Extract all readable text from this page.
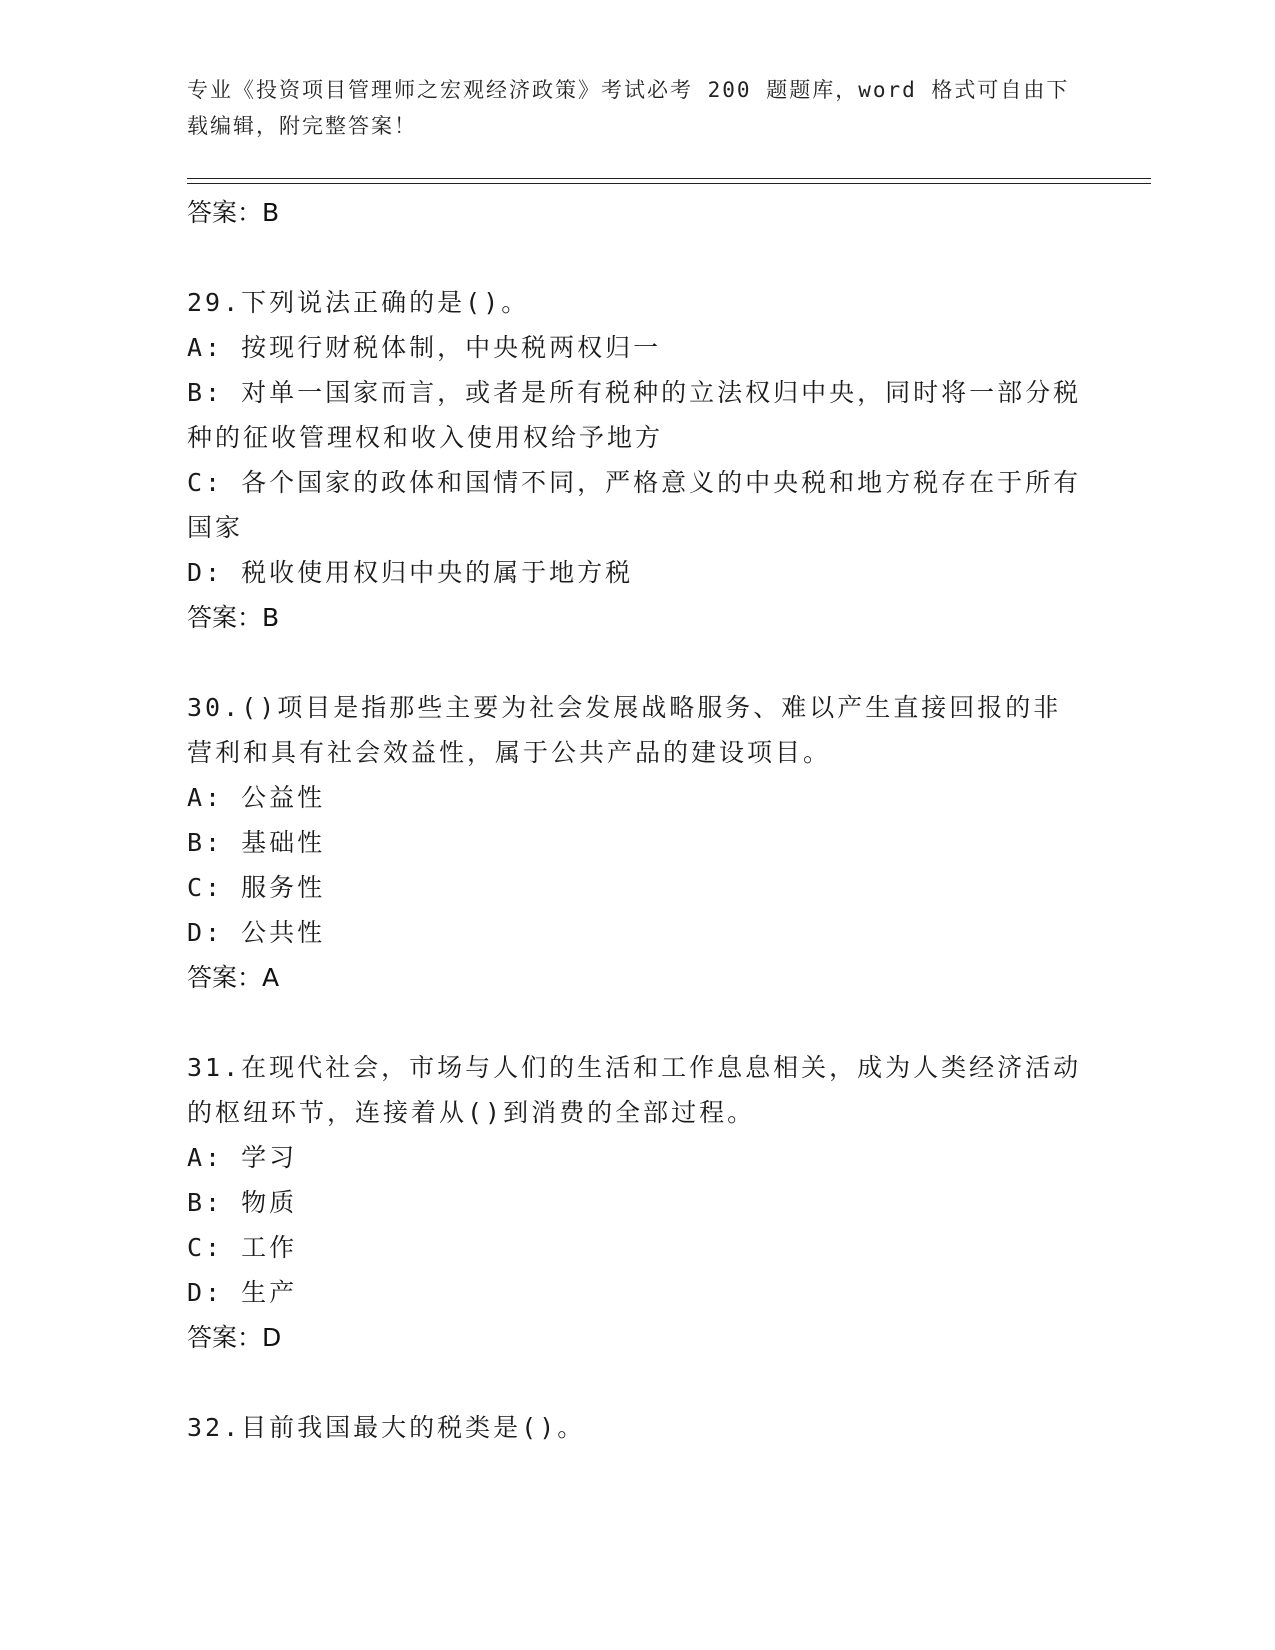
专业《投资项目管理师之宏观经济政策》考试必考 200 题题库，word 格式可自由下载编辑，附完整答案！
答案：B
29.下列说法正确的是()。
A: 按现行财税体制，中央税两权归一
B: 对单一国家而言，或者是所有税种的立法权归中央，同时将一部分税种的征收管理权和收入使用权给予地方
C: 各个国家的政体和国情不同，严格意义的中央税和地方税存在于所有国家
D: 税收使用权归中央的属于地方税
答案：B
30.()项目是指那些主要为社会发展战略服务、难以产生直接回报的非营利和具有社会效益性，属于公共产品的建设项目。
A: 公益性
B: 基础性
C: 服务性
D: 公共性
答案：A
31.在现代社会，市场与人们的生活和工作息息相关，成为人类经济活动的枢纽环节，连接着从()到消费的全部过程。
A: 学习
B: 物质
C: 工作
D: 生产
答案：D
32.目前我国最大的税类是()。
